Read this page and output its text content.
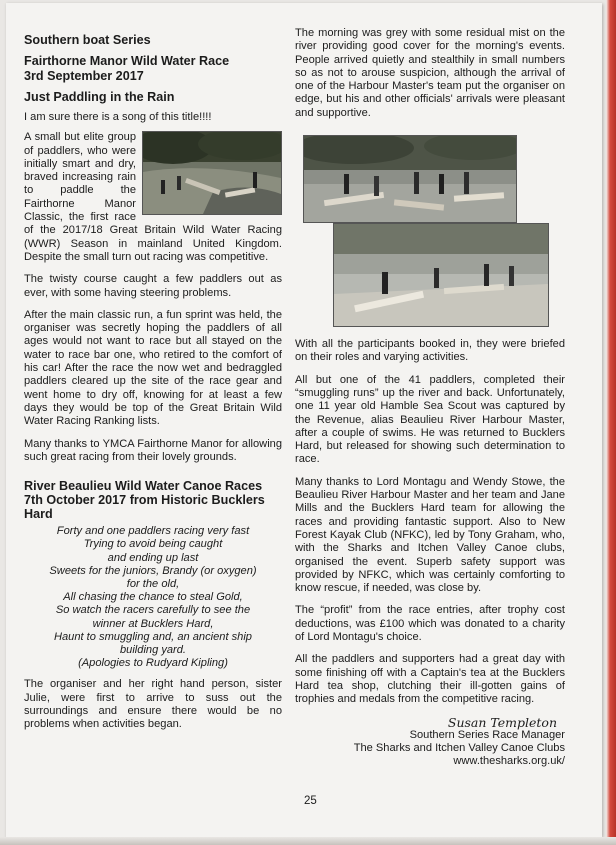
Southern boat Series
Fairthorne Manor Wild Water Race
3rd September 2017
Just Paddling in the Rain

I am sure there is a song of this title!!!!

A small but elite group of paddlers, who were initially smart and dry, braved increasing rain to paddle the Fairthorne Manor Classic, the first race of the 2017/18 Great Britain Wild Water Racing (WWR) Season in mainland United Kingdom. Despite the small turn out racing was competitive.

The twisty course caught a few paddlers out as ever, with some having steering problems.

After the main classic run, a fun sprint was held, the organiser was secretly hoping the paddlers of all ages would not want to race but all stayed on the water to race bar one, who retired to the comfort of his car! After the race the now wet and bedraggled paddlers cleared up the site of the race gear and went home to dry off, knowing for at least a few days they would be top of the Great Britain Wild Water Racing Ranking lists.

Many thanks to YMCA Fairthorne Manor for allowing such great racing from their lovely grounds.

River Beaulieu Wild Water Canoe Races 7th October 2017 from Historic Bucklers Hard
Forty and one paddlers racing very fast
Trying to avoid being caught
and ending up last
Sweets for the juniors, Brandy (or oxygen)
for the old,
All chasing the chance to steal Gold,
So watch the racers carefully to see the
winner at Bucklers Hard,
Haunt to smuggling and, an ancient ship
building yard.
(Apologies to Rudyard Kipling)

The organiser and her right hand person, sister Julie, were first to arrive to suss out the surroundings and ensure there would be no problems when activities began.

The morning was grey with some residual mist on the river providing good cover for the morning's events. People arrived quietly and stealthily in small numbers so as not to arouse suspicion, although the arrival of one of the Harbour Master's team put the organiser on edge, but his and other officials' arrivals were pleasant and supportive.

With all the participants booked in, they were briefed on their roles and varying activities.

All but one of the 41 paddlers, completed their “smuggling runs” up the river and back. Unfortunately, one 11 year old Hamble Sea Scout was captured by the Revenue, alias Beaulieu River Harbour Master, after a couple of swims. He was returned to Bucklers Hard, but released for showing such determination to race.

Many thanks to Lord Montagu and Wendy Stowe, the Beaulieu River Harbour Master and her team and Jane Mills and the Bucklers Hard team for allowing the races and providing fantastic support. Also to New Forest Kayak Club (NFKC), led by Tony Graham, who, with the Sharks and Itchen Valley Canoe clubs, organised the event. Superb safety support was provided by NFKC, which was certainly comforting to know rescue, if needed, was close by.

The “profit” from the race entries, after trophy cost deductions, was £100 which was donated to a charity of Lord Montagu's choice.

All the paddlers and supporters had a great day with some finishing off with a Captain's tea at the Bucklers Hard tea shop, clutching their ill-gotten gains of trophies and medals from the competitive racing.

Susan Templeton
Southern Series Race Manager
The Sharks and Itchen Valley Canoe Clubs
www.thesharks.org.uk/
25
